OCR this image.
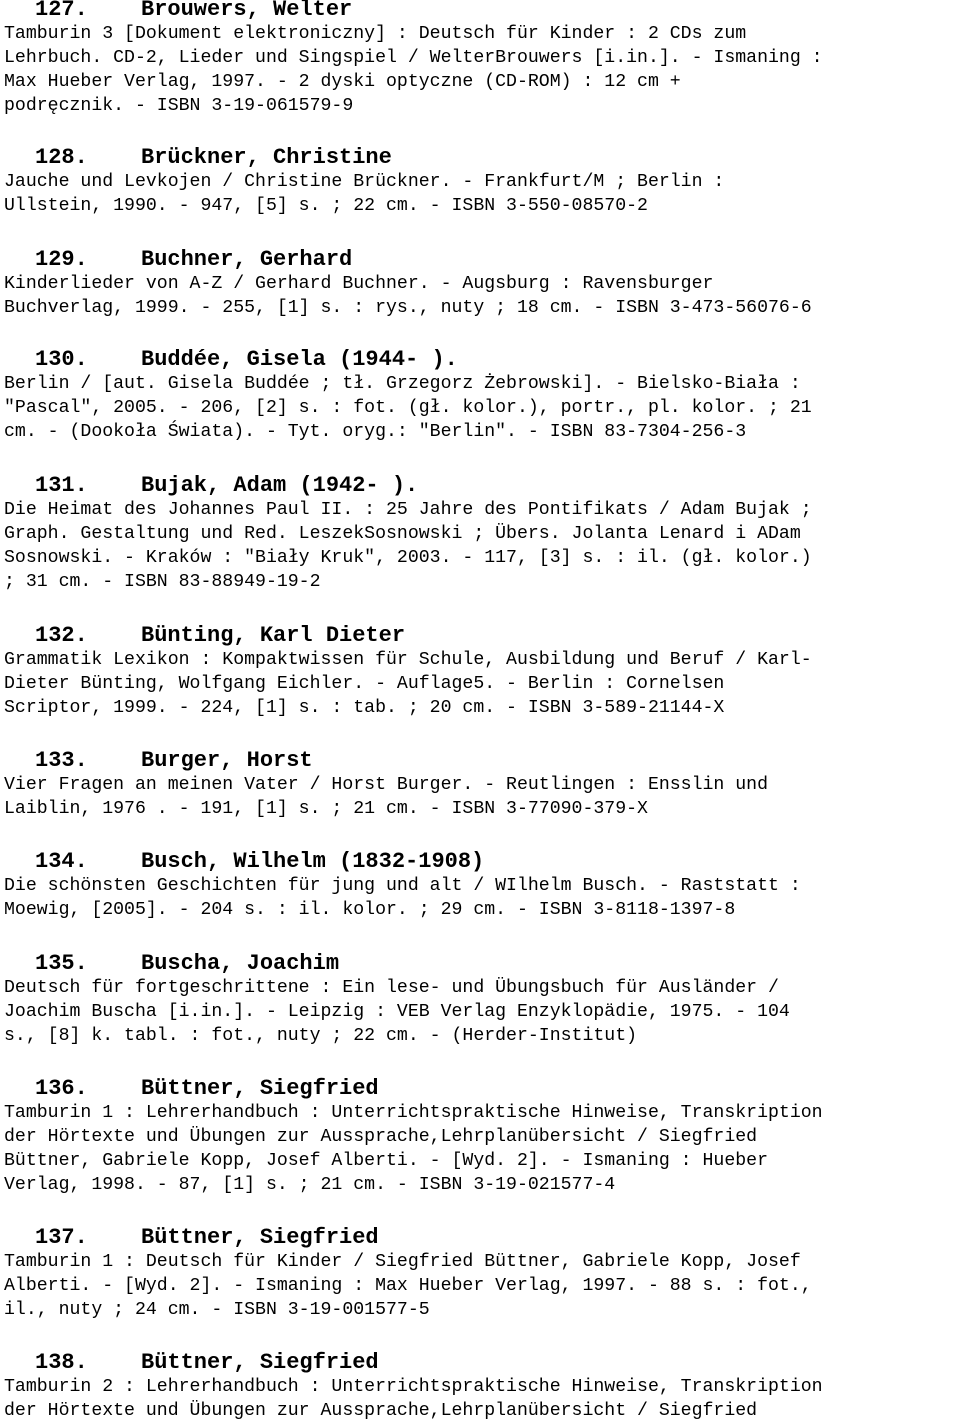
127. Brouwers, Welter
Tamburin 3 [Dokument elektroniczny] : Deutsch für Kinder : 2 CDs zum
Lehrbuch. CD-2, Lieder und Singspiel / WelterBrouwers [i.in.]. - Ismaning :
Max Hueber Verlag, 1997. - 2 dyski optyczne (CD-ROM) : 12 cm +
podręcznik. - ISBN 3-19-061579-9
128. Brückner, Christine
Jauche und Levkojen / Christine Brückner. - Frankfurt/M ; Berlin :
Ullstein, 1990. - 947, [5] s. ; 22 cm. - ISBN 3-550-08570-2
129. Buchner, Gerhard
Kinderlieder von A-Z / Gerhard Buchner. - Augsburg : Ravensburger
Buchverlag, 1999. - 255, [1] s. : rys., nuty ; 18 cm. - ISBN 3-473-56076-6
130. Buddée, Gisela (1944- ).
Berlin / [aut. Gisela Buddée ; tł. Grzegorz Żebrowski]. - Bielsko-Biała :
"Pascal", 2005. - 206, [2] s. : fot. (gł. kolor.), portr., pl. kolor. ; 21
cm. - (Dookoła Świata). - Tyt. oryg.: "Berlin". - ISBN 83-7304-256-3
131. Bujak, Adam (1942- ).
Die Heimat des Johannes Paul II. : 25 Jahre des Pontifikats / Adam Bujak ;
Graph. Gestaltung und Red. LeszekSosnowski ; Übers. Jolanta Lenard i ADam
Sosnowski. - Kraków : "Biały Kruk", 2003. - 117, [3] s. : il. (gł. kolor.)
; 31 cm. - ISBN 83-88949-19-2
132. Bünting, Karl Dieter
Grammatik Lexikon : Kompaktwissen für Schule, Ausbildung und Beruf / Karl-
Dieter Bünting, Wolfgang Eichler. - Auflage5. - Berlin : Cornelsen
Scriptor, 1999. - 224, [1] s. : tab. ; 20 cm. - ISBN 3-589-21144-X
133. Burger, Horst
Vier Fragen an meinen Vater / Horst Burger. - Reutlingen : Ensslin und
Laiblin, 1976 . - 191, [1] s. ; 21 cm. - ISBN 3-77090-379-X
134. Busch, Wilhelm (1832-1908)
Die schönsten Geschichten für jung und alt / WIlhelm Busch. - Raststatt :
Moewig, [2005]. - 204 s. : il. kolor. ; 29 cm. - ISBN 3-8118-1397-8
135. Buscha, Joachim
Deutsch für fortgeschrittene : Ein lese- und Übungsbuch für Ausländer /
Joachim Buscha [i.in.]. - Leipzig : VEB Verlag Enzyklopädie, 1975. - 104
s., [8] k. tabl. : fot., nuty ; 22 cm. - (Herder-Institut)
136. Büttner, Siegfried
Tamburin 1 : Lehrerhandbuch : Unterrichtspraktische Hinweise, Transkription
der Hörtexte und Übungen zur Aussprache,Lehrplanübersicht / Siegfried
Büttner, Gabriele Kopp, Josef Alberti. - [Wyd. 2]. - Ismaning : Hueber
Verlag, 1998. - 87, [1] s. ; 21 cm. - ISBN 3-19-021577-4
137. Büttner, Siegfried
Tamburin 1 : Deutsch für Kinder / Siegfried Büttner, Gabriele Kopp, Josef
Alberti. - [Wyd. 2]. - Ismaning : Max Hueber Verlag, 1997. - 88 s. : fot.,
il., nuty ; 24 cm. - ISBN 3-19-001577-5
138. Büttner, Siegfried
Tamburin 2 : Lehrerhandbuch : Unterrichtspraktische Hinweise, Transkription
der Hörtexte und Übungen zur Aussprache,Lehrplanübersicht / Siegfried
